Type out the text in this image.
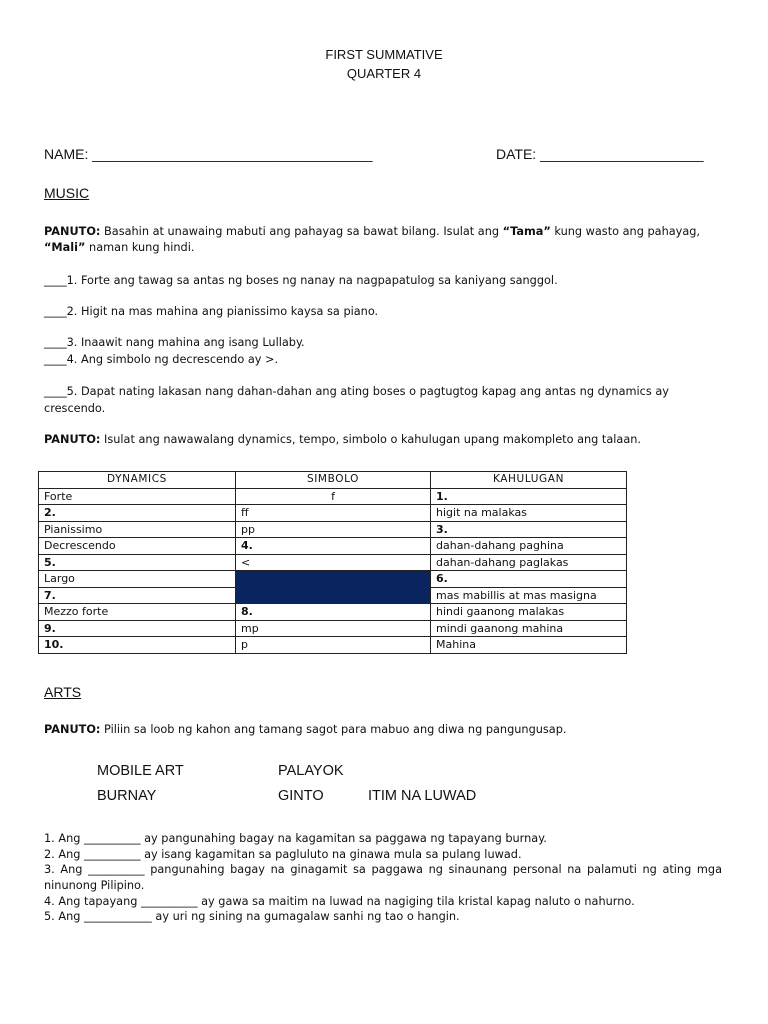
FIRST SUMMATIVE
QUARTER 4
NAME: ____________________________________	DATE: _____________________
MUSIC
PANUTO: Basahin at unawaing mabuti ang pahayag sa bawat bilang. Isulat ang “Tama” kung wasto ang pahayag,
“Mali” naman kung hindi.
____1. Forte ang tawag sa antas ng boses ng nanay na nagpapatulog sa kaniyang sanggol.
____2. Higit na mas mahina ang pianissimo kaysa sa piano.
____3. Inaawit nang mahina ang isang Lullaby.
____4. Ang simbolo ng decrescendo ay >.
____5. Dapat nating lakasan nang dahan-dahan ang ating boses o pagtugtog kapag ang antas ng dynamics ay
crescendo.
PANUTO: Isulat ang nawawalang dynamics, tempo, simbolo o kahulugan upang makompleto ang talaan.
DYNAMICS	SIMBOLO	KAHULUGAN
Forte	f	1.
2.	ff	higit na malakas
Pianissimo	pp	3.
Decrescendo	4.	dahan-dahang paghina
5.	<	dahan-dahang paglakas
Largo		6.
7.		mas mabillis at mas masigna
Mezzo forte	8.	hindi gaanong malakas
9.	mp	mindi gaanong mahina
10.	p	Mahina
ARTS
PANUTO: Piliin sa loob ng kahon ang tamang sagot para mabuo ang diwa ng pangungusap.
MOBILE ART	PALAYOK
BURNAY	GINTO	ITIM NA LUWAD
1. Ang __________ ay pangunahing bagay na kagamitan sa paggawa ng tapayang burnay.
2. Ang __________ ay isang kagamitan sa pagluluto na ginawa mula sa pulang luwad.
3. Ang __________ pangunahing bagay na ginagamit sa paggawa ng sinaunang personal na palamuti ng ating mga ninunong Pilipino.
4. Ang tapayang __________ ay gawa sa maitim na luwad na nagiging tila kristal kapag naluto o nahurno.
5. Ang ____________ ay uri ng sining na gumagalaw sanhi ng tao o hangin.
